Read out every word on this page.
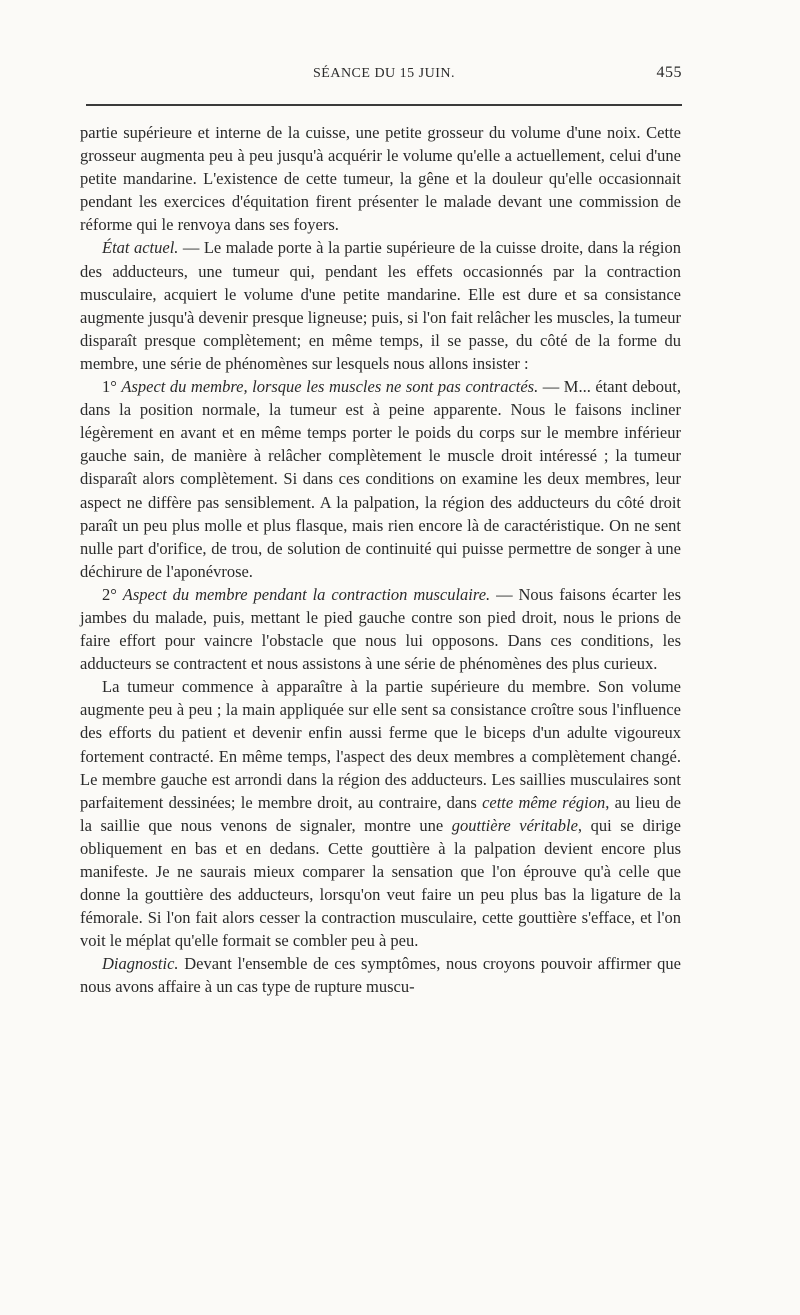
SÉANCE DU 15 JUIN.	455

partie supérieure et interne de la cuisse, une petite grosseur du volume d'une noix. Cette grosseur augmenta peu à peu jusqu'à acquérir le volume qu'elle a actuellement, celui d'une petite mandarine. L'existence de cette tumeur, la gêne et la douleur qu'elle occasionnait pendant les exercices d'équitation firent présenter le malade devant une commission de réforme qui le renvoya dans ses foyers.

État actuel. — Le malade porte à la partie supérieure de la cuisse droite, dans la région des adducteurs, une tumeur qui, pendant les effets occasionnés par la contraction musculaire, acquiert le volume d'une petite mandarine. Elle est dure et sa consistance augmente jusqu'à devenir presque ligneuse; puis, si l'on fait relâcher les muscles, la tumeur disparaît presque complètement; en même temps, il se passe, du côté de la forme du membre, une série de phénomènes sur lesquels nous allons insister :

1° Aspect du membre, lorsque les muscles ne sont pas contractés. — M... étant debout, dans la position normale, la tumeur est à peine apparente. Nous le faisons incliner légèrement en avant et en même temps porter le poids du corps sur le membre inférieur gauche sain, de manière à relâcher complètement le muscle droit intéressé ; la tumeur disparaît alors complètement. Si dans ces conditions on examine les deux membres, leur aspect ne diffère pas sensiblement. A la palpation, la région des adducteurs du côté droit paraît un peu plus molle et plus flasque, mais rien encore là de caractéristique. On ne sent nulle part d'orifice, de trou, de solution de continuité qui puisse permettre de songer à une déchirure de l'aponévrose.

2° Aspect du membre pendant la contraction musculaire. — Nous faisons écarter les jambes du malade, puis, mettant le pied gauche contre son pied droit, nous le prions de faire effort pour vaincre l'obstacle que nous lui opposons. Dans ces conditions, les adducteurs se contractent et nous assistons à une série de phénomènes des plus curieux.

La tumeur commence à apparaître à la partie supérieure du membre. Son volume augmente peu à peu ; la main appliquée sur elle sent sa consistance croître sous l'influence des efforts du patient et devenir enfin aussi ferme que le biceps d'un adulte vigoureux fortement contracté. En même temps, l'aspect des deux membres a complètement changé. Le membre gauche est arrondi dans la région des adducteurs. Les saillies musculaires sont parfaitement dessinées; le membre droit, au contraire, dans cette même région, au lieu de la saillie que nous venons de signaler, montre une gouttière véritable, qui se dirige obliquement en bas et en dedans. Cette gouttière à la palpation devient encore plus manifeste. Je ne saurais mieux comparer la sensation que l'on éprouve qu'à celle que donne la gouttière des adducteurs, lorsqu'on veut faire un peu plus bas la ligature de la fémorale. Si l'on fait alors cesser la contraction musculaire, cette gouttière s'efface, et l'on voit le méplat qu'elle formait se combler peu à peu.

Diagnostic. Devant l'ensemble de ces symptômes, nous croyons pouvoir affirmer que nous avons affaire à un cas type de rupture muscu-
